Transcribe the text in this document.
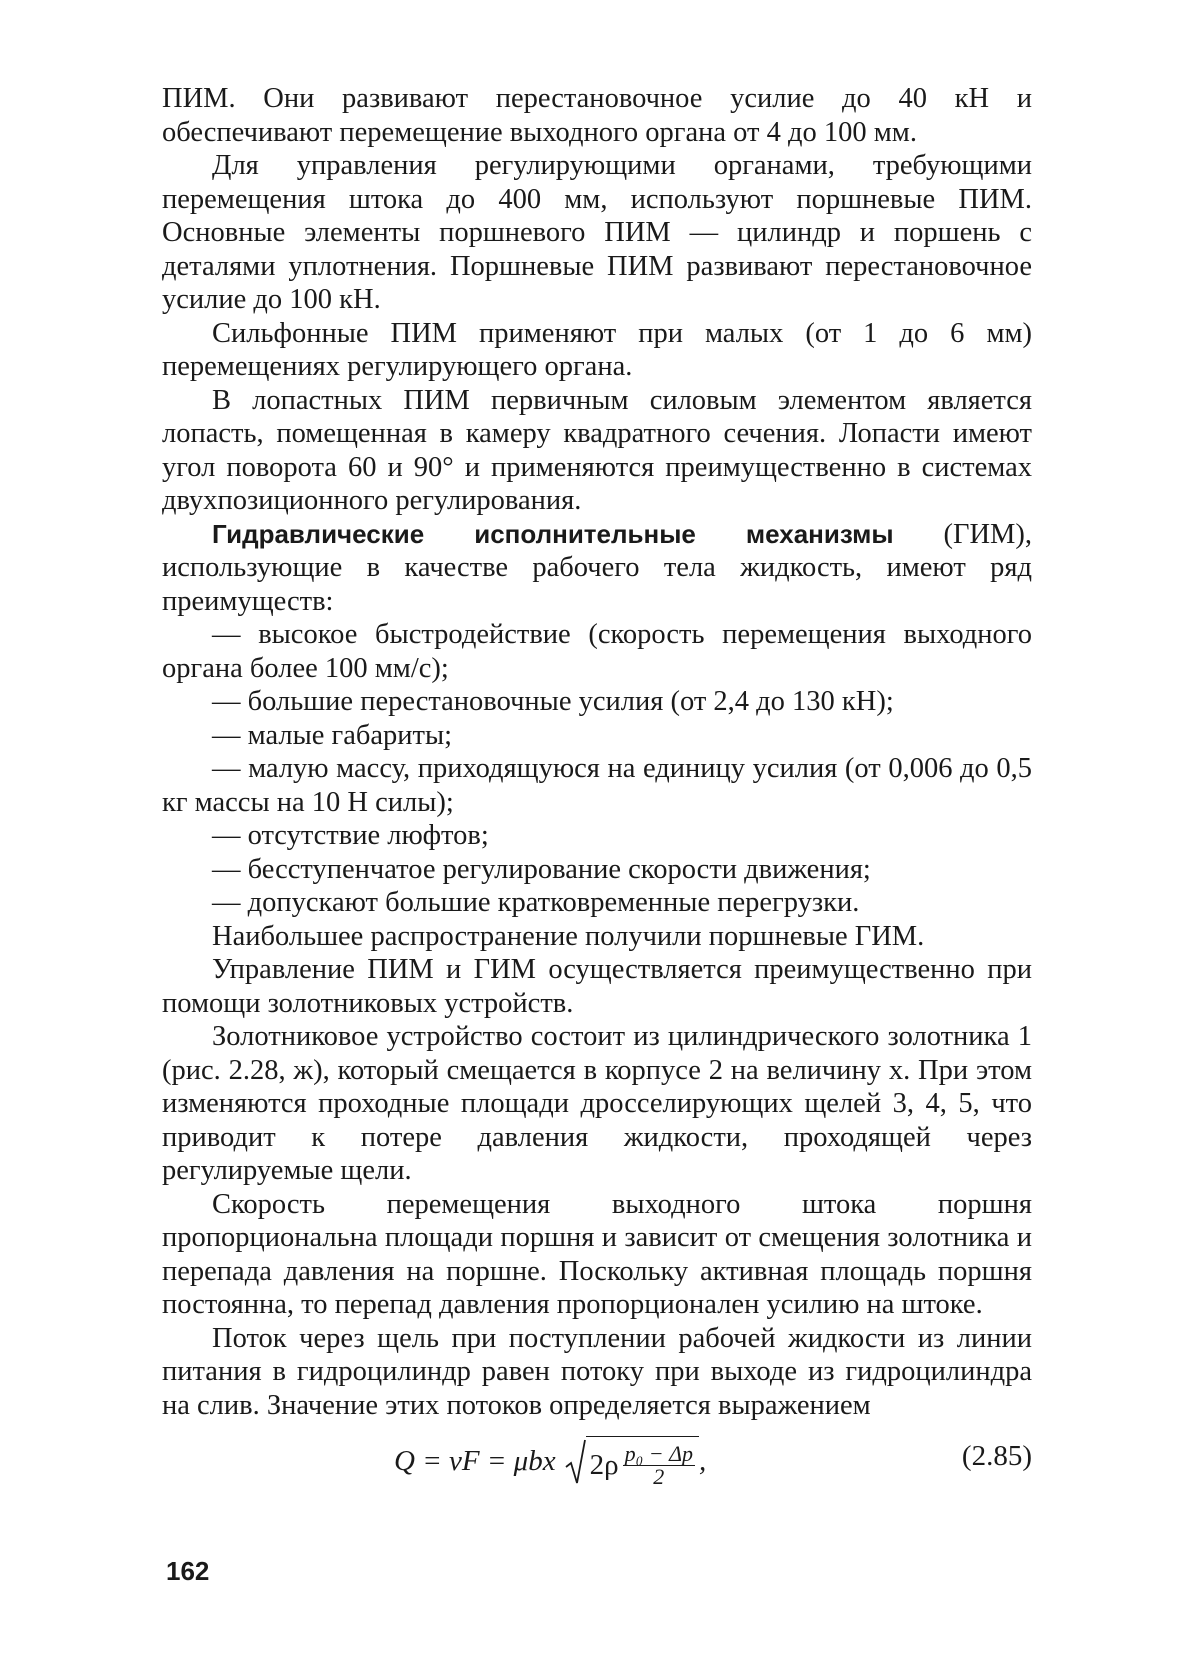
ПИМ. Они развивают перестановочное усилие до 40 кН и обеспечивают перемещение выходного органа от 4 до 100 мм.

Для управления регулирующими органами, требующими перемещения штока до 400 мм, используют поршневые ПИМ. Основные элементы поршневого ПИМ — цилиндр и поршень с деталями уплотнения. Поршневые ПИМ развивают перестановочное усилие до 100 кН.

Сильфонные ПИМ применяют при малых (от 1 до 6 мм) перемещениях регулирующего органа.

В лопастных ПИМ первичным силовым элементом является лопасть, помещенная в камеру квадратного сечения. Лопасти имеют угол поворота 60 и 90° и применяются преимущественно в системах двухпозиционного регулирования.

Гидравлические исполнительные механизмы (ГИМ), использующие в качестве рабочего тела жидкость, имеют ряд преимуществ:

— высокое быстродействие (скорость перемещения выходного органа более 100 мм/с);

— большие перестановочные усилия (от 2,4 до 130 кН);

— малые габариты;

— малую массу, приходящуюся на единицу усилия (от 0,006 до 0,5 кг массы на 10 Н силы);

— отсутствие люфтов;

— бесступенчатое регулирование скорости движения;

— допускают большие кратковременные перегрузки.

Наибольшее распространение получили поршневые ГИМ.

Управление ПИМ и ГИМ осуществляется преимущественно при помощи золотниковых устройств.

Золотниковое устройство состоит из цилиндрического золотника 1 (рис. 2.28, ж), который смещается в корпусе 2 на величину x. При этом изменяются проходные площади дросселирующих щелей 3, 4, 5, что приводит к потере давления жидкости, проходящей через регулируемые щели.

Скорость перемещения выходного штока поршня пропорциональна площади поршня и зависит от смещения золотника и перепада давления на поршне. Поскольку активная площадь поршня постоянна, то перепад давления пропорционален усилию на штоке.

Поток через щель при поступлении рабочей жидкости из линии питания в гидроцилиндр равен потоку при выходе из гидроцилиндра на слив. Значение этих потоков определяется выражением

Q = vF = μbx $2\rho \frac{\text{p₀ − Δp}}{2}$ ,	(2.85)
162
